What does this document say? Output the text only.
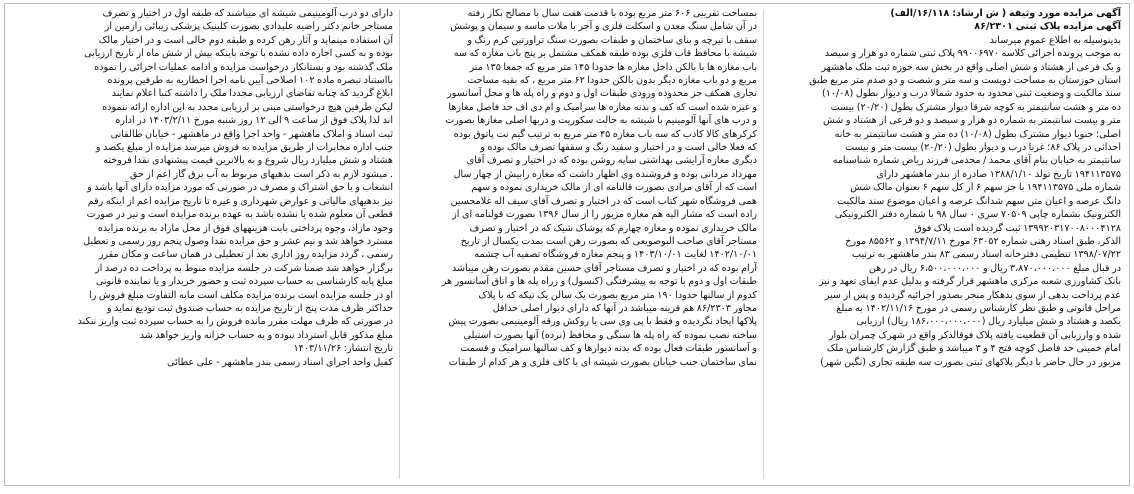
آگهی مزایده مورد وثیقه ( ش ارشاد: ۱۶/۱۱۸/الف)
آگهی مزایده پلاک ثبتی ۸۶/۲۳۰۱
بدینوسیله به اطلاع عموم میرساند
به موجب پرونده اجرائی کلاسه ۹۹۰۰۶۹۷۰ پلاک ثبتی شماره دو هزار و سیصد
و یک فرعی از هشتاد و شش اصلی واقع در بخش سه حوزه ثبت ملک ماهشهر
استان خوزستان به مساحت دویست و سه متر و شصت و دو صدم متر مربع طبق
سند مالکیت و وضعیت ثبتی محدود به حدود شمالا درب و دیوار بطول (۱۰/۰۸)
ده متر و هشت سانتیمتر به کوچه شرقا دیوار مشترک بطول (۲۰/۲۰) بیست
متر و بیست سانتیمتر به شماره دو هزار و سیصد و دو فرعی از هشتاد و شش
اصلی؛ جنوبا دیوار مشترک بطول (۱۰/۰۸) ده متر و هشت سانتیمتر به خانه
احداثی در پلاک ۸۶؛ غربا درب و دیوار بطول (۲۰/۲۰) بیست متر و بیست
سانتیمتر به خیابان بنام آقای محمد / مجدمی فرزند ریاض شماره شناسنامه
۱۹۴۱۱۳۵۷۵ تاریخ تولد ۱۳۸۸/۱/۱۰ صادره از بندر ماهشهر دارای
شماره ملی ۱۹۴۱۱۳۵۷۵ با جز سهم ۶ از کل سهم ۶ بعنوان مالک شش
دانگ عرصه و اعیان متن سهم شدانگ عرصه و اعیان موضوع سند مالکیت
الکترونیک بشماره چاپی ۷۰۵۰۹ سری ۰ سال ۹۸ با شماره دفتر الکترونیکی
۱۳۹۹۲۰۳۱۷۰۰۸۰۰۰۴۱۲۸ ثبت گردیده است پلاک فوق
الذکر، طبق اسناد رهنی شماره ۶۳۰۵۲ مورخ ۱۳۹۴/۷/۱۱ و ۸۵۵۶۲ مورخ
۱۳۹۸/۰۷/۲۲ تنظیمی دفترخانه اسناد رسمی ۸۳ بندر ماهشهر به ترتیب
در قبال مبلغ ۳،۸۷۰،۰۰۰،۰۰۰ ریال و ۶،۵۰۰،۰۰۰،۰۰۰ ریال در رهن
بانک کشاورزی شعبه مرکزی ماهشهر قرار گرفته و بدلیل عدم ایفای تعهد و نیز
عدم پرداخت بدهی از سوی بدهکار منجر بصدور اجرائیه گردیده و پس از سیر
مراحل قانونی و طبق نظر کارشناس رسمی در مورخ ۱۴۰۲/۱۱/۱۶ به مبلغ
یکصد و هشتاد و شش میلیارد ریال (۱۸۶،۰۰۰،۰۰۰،۰۰۰ ریال) ارزیابی
شده و وارزیابی آن قطعیت یافته پلاک فوقالذکر واقع در شهرک چمران بلوار
امام خمینی حد فاصل کوچه فتح ۴ و ۳ میباشد و طبق گزارش کارشناس ملک
مزبور در حال حاضر با دیگر پلاکهای ثبتی بصورت سه طبقه تجاری (نگین شهر)
بمساحت تقریبی ۶۰۶ متر مربع بوده با قدمت هفت سال با مصالح بکار رفته
در آن شامل سنگ معدن و اسکلت فلزی و آجر با ملات ماسه و سیمان و پوشش
سقف با تیرچه و بنای ساختمان و طبقات بصورت سنگ تراورتین کرم رنگ و
شیشه با محافظ قاب فلزی بوده طبقه همکف مشتمل بر پنج باب مغازه که سه
باب مغازه ها با بالکن داخل مغازه ها حدودا ۱۴۵ متر مربع که جمعا ۱۳۵ متر
مربع و دو باب مغازه دیگر بدون بالکن حدودا ۶۲ متر مربع ، که بقیه مساحت
تجاری همکف جز محدوده ورودی طبقات اول و دوم و راه پله ها و محل آسانسور
و غیره شده است که کف و بدنه مغازه ها سرامیک و ام دی اف حد فاصل مغازها
و درب های آنها آلومینیم با شیشه به حالت سکوریت و دربها اصلی مغازها بصورت
کرکرهای کالا کاذب که سه باب مغازه ۴۵ متر مربع به ترتیب گیم نت پاتوق بوده
که فعلا خالی است و در اختیار و سفید رنگ و سقفها تصرف مالک بوده و
دیگری مغازه آرایشی بهداشتی سایه روشن بوده که در اختیار و تصرف آقای
مهرداد مردانی بوده و فروشنده وی اظهار داشت که مغازه رابیش از چهار سال
است که از آقای مرادی بصورت قالنامه ای از مالک خریداری نموده و سهم
همی فروشگاه شهر کتاب است که در اختیار و تصرف آقای سیف اله غلامحسین
زاده است که مشار الیه هم مغازه مزبور را از سال ۱۳۹۶ بصورت قولنامه ای از
مالک خریداری نموده و مغازه چهارم که پوشاک شیک که در اختیار و تصرف
مستاجر آقای صاحب البوصویعی که بصورت رهن است بمدت یکسال از تاریخ
۱۴۰۲/۱۰/۰۱ لغایت ۱۴۰۳/۱۰/۰۱ و پنجم مغازه فروشگاه تصفیه آب چشمه
آرام بوده که در اختیار و تصرف مستاجر آقای حسین مقدم بصورت رهن میباشد
طبقات اول و دوم با توجه به پیشرفتگی (کنسول) و زراه پله ها و اتاق آسانسور هر
کدوم از سالنها حدودا ۱۹۰ متر مربع بصورت یک سالن یک تیکه که با پلاک
مجاور ۸۶/۲۳۰۳ هم قرینه میباشد در آنها که دارای دیوار اصلی حداقل
پلاکها ایجاد نگردیده و فقط با پی وی سی یا روکش ورقه آلومینیمی بصورت پیش
ساخته نصب نموده که راه پله ها سنگی و محافظ (نرده) آنها بصورت استیلی
و آسانسور طبقات فعال بوده که بدنه دیوارها و کف سالنها سرامیک و قسمت
نمای ساختمان جنب خیابان بصورت شیشه ای با کاف فلزی و هر کدام از طبقات
دارای دو درب آلومینیمی شیشه ای میباشند که طبقه اول در اختیار و تصرف
مستاجر خانم دکتر راضیه علیدادی بصورت کلینیک پزشکی زیبائی رازمین از
آن استفاده مینماید و آثار رهن کرده و طبقه دوم خالی است و در اختیار مالک
بوده و به کسی اجاره داده نشده با توجه باینکه بیش از شش ماه از تاریخ ارزیابی
ملک گذشته بود و بستانکار درخواست مزایده و ادامه عملیات اجرائی را نموده
بااستناد تبصره ماده ۱۰۲ اصلاحی آیین نامه اجرا اخطاریه به طرفین پرونده
ابلاغ گردید که چنانه تقاضای ارزیابی مجددا ملک را داشته کتبا اعلام نمایند
لیکن طرفین هیچ درخواستی مبنی بر ارزیابی مجدد به این اداره ارائه ننموده
اند لذا پلاک فوق از ساعت ۹ الی ۱۲ روز شنبه مورخ ۱۴۰۳/۲/۱۱ در اداره
ثبت اسناد و املاک ماهشهر - واحد اجرا واقع در ماهشهر - خیابان طالقانی
جنب اداره مخابرات از طریق مزایده به فروش میرسد مزایده از مبلغ یکصد و
هشتاد و شش میلیارد ریال شروع و به بالاترین قیمت پیشنهادی نقدا فروخته
. میشود لازم به ذکر است بدهیهای مربوط به آب برق گاز اعم از حق
انشعاب و یا حق اشتراک و مصرف در صورتی که مورد مزایده دارای آنها باشد و
نیز بدهیهای مالیاتی و عوارض شهرداری و غیره تا تاریخ مزایده اعم از اینکه رقم
قطعی آن معلوم شده یا نشده باشد به عهده برنده مزایده است و نیز در صورت
وجود مازاد، وجوه پرداختی بابت هزینههای فوق از محل مازاد به برنده مزایده
مسترد خواهد شد و نیم عشر و حق مزایده نقدا وصول پنجم روز رسمی و تعطیل
رسمی ، گردد مزایده روز اداری بعد از تعطیلی در همان ساعت و مکان مقرر
برگزار خواهد شد ضمنا شرکت در جلسه مزایده منوط به پرداخت ده درصد از
مبلغ پایه کارشناسی به حساب سپرده ثبت و حضور خریدار و یا نماینده قانونی
او در جلسه مزایده است برنده مزایده مکلف است مابه التفاوت مبلغ فروش را
حداکثر ظرف مدت پنج از تاریخ مزایده به حساب صندوق ثبت تودیع نماید و
در صورتی که ظرف مهلت مقرر مانده فروش را به حساب سپرده ثبت واریز ننکند
مبلغ مذکور قابل استرداد نبوده و به حساب خزانه واریز خواهد شد
تاریخ انتشار: ۱۴۰۳/۱۱/۲۶
کفیل واحد اجرای اسناد رسمی بندر ماهشهر - علی عطائی
